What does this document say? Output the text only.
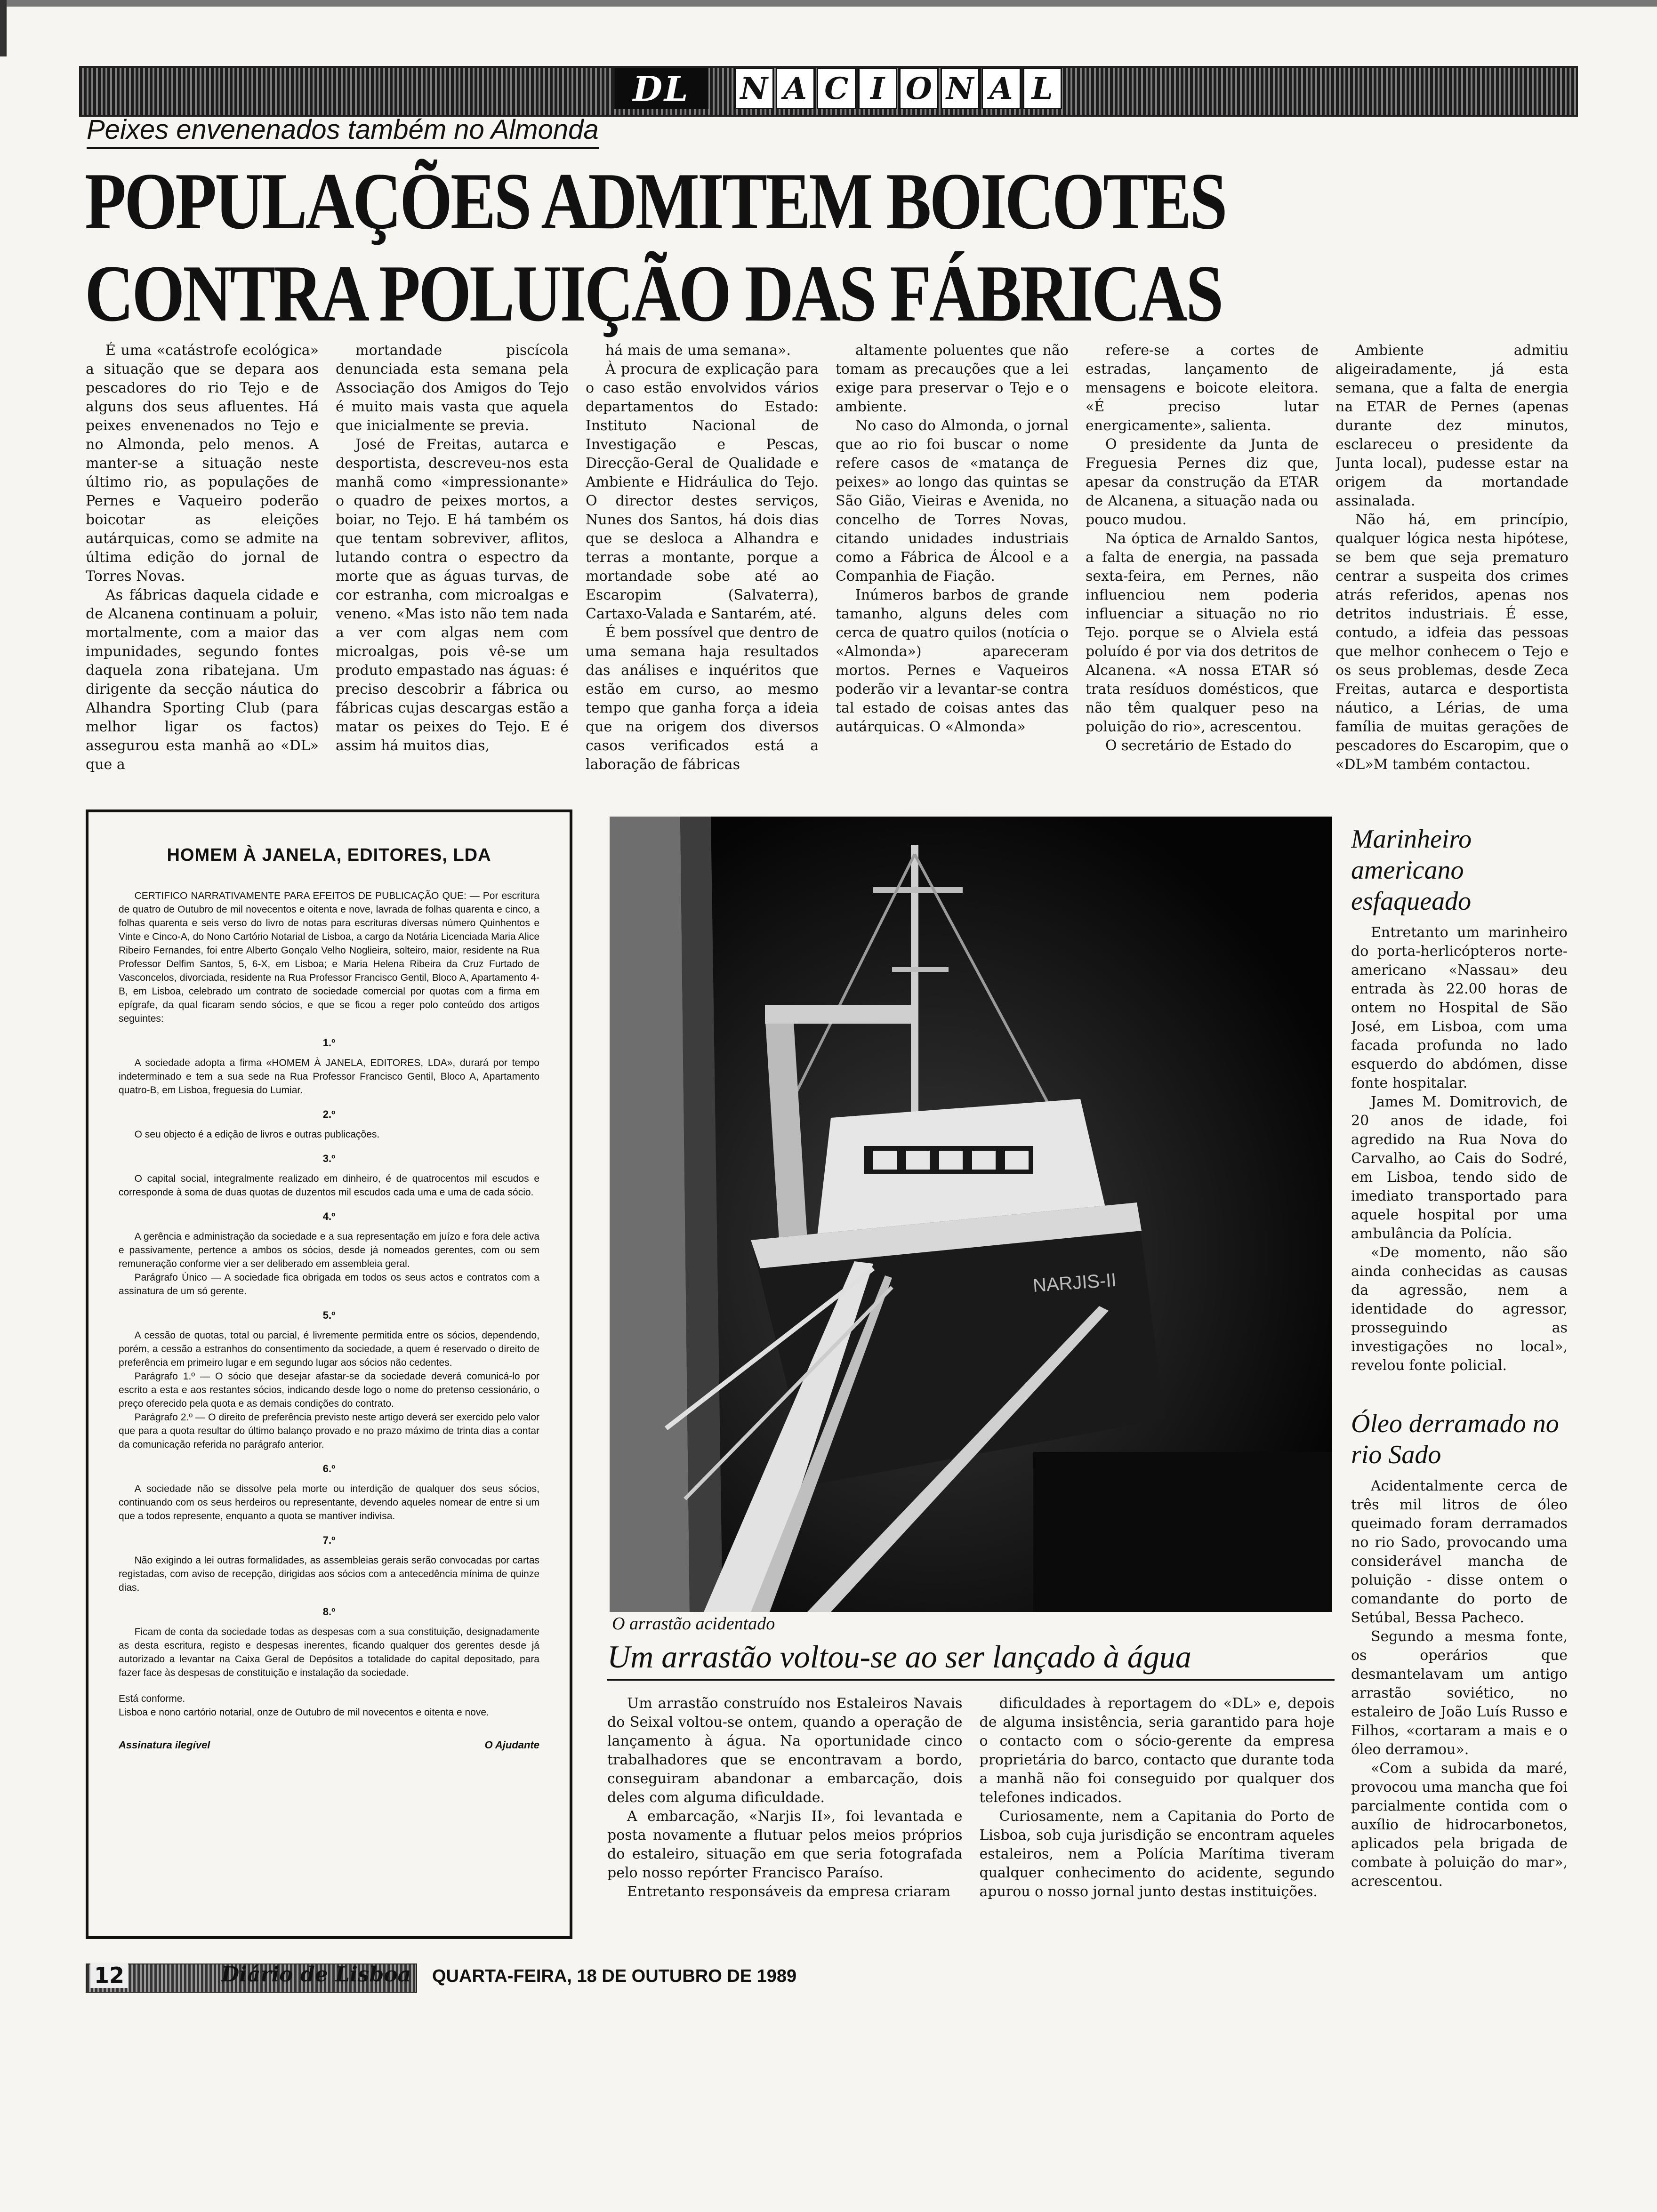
DL	N A C I O N A L
Peixes envenenados também no Almonda
POPULAÇÕES ADMITEM BOICOTES
CONTRA POLUIÇÃO DAS FÁBRICAS

É uma «catástrofe ecológica» a situação que se depara aos pescadores do rio Tejo e de alguns dos seus afluentes. Há peixes envenenados no Tejo e no Almonda, pelo menos. A manter-se a situação neste último rio, as populações de Pernes e Vaqueiro poderão boicotar as eleições autárquicas, como se admite na última edição do jornal de Torres Novas.

As fábricas daquela cidade e de Alcanena continuam a poluir, mortalmente, com a maior das impunidades, segundo fontes daquela zona ribatejana. Um dirigente da secção náutica do Alhandra Sporting Club (para melhor ligar os factos) assegurou esta manhã ao «DL» que a

mortandade piscícola denunciada esta semana pela Associação dos Amigos do Tejo é muito mais vasta que aquela que inicialmente se previa.

José de Freitas, autarca e desportista, descreveu-nos esta manhã como «impressionante» o quadro de peixes mortos, a boiar, no Tejo. E há também os que tentam sobreviver, aflitos, lutando contra o espectro da morte que as águas turvas, de cor estranha, com microalgas e veneno. «Mas isto não tem nada a ver com algas nem com microalgas, pois vê-se um produto empastado nas águas: é preciso descobrir a fábrica ou fábricas cujas descargas estão a matar os peixes do Tejo. E é assim há muitos dias,

há mais de uma semana».

À procura de explicação para o caso estão envolvidos vários departamentos do Estado: Instituto Nacional de Investigação e Pescas, Direcção-Geral de Qualidade e Ambiente e Hidráulica do Tejo. O director destes serviços, Nunes dos Santos, há dois dias que se desloca a Alhandra e terras a montante, porque a mortandade sobe até ao Escaropim (Salvaterra), Cartaxo-Valada e Santarém, até.

É bem possível que dentro de uma semana haja resultados das análises e inquéritos que estão em curso, ao mesmo tempo que ganha força a ideia que na origem dos diversos casos verificados está a laboração de fábricas

altamente poluentes que não tomam as precauções que a lei exige para preservar o Tejo e o ambiente.

No caso do Almonda, o jornal que ao rio foi buscar o nome refere casos de «matança de peixes» ao longo das quintas se São Gião, Vieiras e Avenida, no concelho de Torres Novas, citando unidades industriais como a Fábrica de Álcool e a Companhia de Fiação.

Inúmeros barbos de grande tamanho, alguns deles com cerca de quatro quilos (notícia o «Almonda») apareceram mortos. Pernes e Vaqueiros poderão vir a levantar-se contra tal estado de coisas antes das autárquicas. O «Almonda»

refere-se a cortes de estradas, lançamento de mensagens e boicote eleitora. «É preciso lutar energicamente», salienta.

O presidente da Junta de Freguesia Pernes diz que, apesar da construção da ETAR de Alcanena, a situação nada ou pouco mudou.

Na óptica de Arnaldo Santos, a falta de energia, na passada sexta-feira, em Pernes, não influenciou nem poderia influenciar a situação no rio Tejo. porque se o Alviela está poluído é por via dos detritos de Alcanena. «A nossa ETAR só trata resíduos domésticos, que não têm qualquer peso na poluição do rio», acrescentou.

O secretário de Estado do

Ambiente admitiu aligeiradamente, já esta semana, que a falta de energia na ETAR de Pernes (apenas durante dez minutos, esclareceu o presidente da Junta local), pudesse estar na origem da mortandade assinalada.

Não há, em princípio, qualquer lógica nesta hipótese, se bem que seja prematuro centrar a suspeita dos crimes atrás referidos, apenas nos detritos industriais. É esse, contudo, a idfeia das pessoas que melhor conhecem o Tejo e os seus problemas, desde Zeca Freitas, autarca e desportista náutico, a Lérias, de uma família de muitas gerações de pescadores do Escaropim, que o «DL»M também contactou.

HOMEM À JANELA, EDITORES, LDA

CERTIFICO NARRATIVAMENTE PARA EFEITOS DE PUBLICAÇÃO QUE: — Por escritura de quatro de Outubro de mil novecentos e oitenta e nove, lavrada de folhas quarenta e cinco, a folhas quarenta e seis verso do livro de notas para escrituras diversas número Quinhentos e Vinte e Cinco-A, do Nono Cartório Notarial de Lisboa, a cargo da Notária Licenciada Maria Alice Ribeiro Fernandes, foi entre Alberto Gonçalo Velho Noglieira, solteiro, maior, residente na Rua Professor Delfim Santos, 5, 6-X, em Lisboa; e Maria Helena Ribeira da Cruz Furtado de Vasconcelos, divorciada, residente na Rua Professor Francisco Gentil, Bloco A, Apartamento 4-B, em Lisboa, celebrado um contrato de sociedade comercial por quotas com a firma em epígrafe, da qual ficaram sendo sócios, e que se ficou a reger polo conteúdo dos artigos seguintes:

1.º

A sociedade adopta a firma «HOMEM À JANELA, EDITORES, LDA», durará por tempo indeterminado e tem a sua sede na Rua Professor Francisco Gentil, Bloco A, Apartamento quatro-B, em Lisboa, freguesia do Lumiar.

2.º

O seu objecto é a edição de livros e outras publicações.

3.º

O capital social, integralmente realizado em dinheiro, é de quatrocentos mil escudos e corresponde à soma de duas quotas de duzentos mil escudos cada uma e uma de cada sócio.

4.º

A gerência e administração da sociedade e a sua representação em juízo e fora dele activa e passivamente, pertence a ambos os sócios, desde já nomeados gerentes, com ou sem remuneração conforme vier a ser deliberado em assembleia geral.

Parágrafo Único — A sociedade fica obrigada em todos os seus actos e contratos com a assinatura de um só gerente.

5.º

A cessão de quotas, total ou parcial, é livremente permitida entre os sócios, dependendo, porém, a cessão a estranhos do consentimento da sociedade, a quem é reservado o direito de preferência em primeiro lugar e em segundo lugar aos sócios não cedentes.

Parágrafo 1.º — O sócio que desejar afastar-se da sociedade deverá comunicá-lo por escrito a esta e aos restantes sócios, indicando desde logo o nome do pretenso cessionário, o preço oferecido pela quota e as demais condições do contrato.

Parágrafo 2.º — O direito de preferência previsto neste artigo deverá ser exercido pelo valor que para a quota resultar do último balanço provado e no prazo máximo de trinta dias a contar da comunicação referida no parágrafo anterior.

6.º

A sociedade não se dissolve pela morte ou interdição de qualquer dos seus sócios, continuando com os seus herdeiros ou representante, devendo aqueles nomear de entre si um que a todos represente, enquanto a quota se mantiver indivisa.

7.º

Não exigindo a lei outras formalidades, as assembleias gerais serão convocadas por cartas registadas, com aviso de recepção, dirigidas aos sócios com a antecedência mínima de quinze dias.

8.º

Ficam de conta da sociedade todas as despesas com a sua constituição, designadamente as desta escritura, registo e despesas inerentes, ficando qualquer dos gerentes desde já autorizado a levantar na Caixa Geral de Depósitos a totalidade do capital depositado, para fazer face às despesas de constituição e instalação da sociedade.

Está conforme.

Lisboa e nono cartório notarial, onze de Outubro de mil novecentos e oitenta e nove.

Assinatura ilegível	O Ajudante
NARJIS-II
O arrastão acidentado
Um arrastão voltou-se ao ser lançado à água

Um arrastão construído nos Estaleiros Navais do Seixal voltou-se ontem, quando a operação de lançamento à água. Na oportunidade cinco trabalhadores que se encontravam a bordo, conseguiram abandonar a embarcação, dois deles com alguma dificuldade.

A embarcação, «Narjis II», foi levantada e posta novamente a flutuar pelos meios próprios do estaleiro, situação em que seria fotografada pelo nosso repórter Francisco Paraíso.

Entretanto responsáveis da empresa criaram

dificuldades à reportagem do «DL» e, depois de alguma insistência, seria garantido para hoje o contacto com o sócio-gerente da empresa proprietária do barco, contacto que durante toda a manhã não foi conseguido por qualquer dos telefones indicados.

Curiosamente, nem a Capitania do Porto de Lisboa, sob cuja jurisdição se encontram aqueles estaleiros, nem a Polícia Marítima tiveram qualquer conhecimento do acidente, segundo apurou o nosso jornal junto destas instituições.

Marinheiro americano esfaqueado

Entretanto um marinheiro do porta-herlicópteros norte-americano «Nassau» deu entrada às 22.00 horas de ontem no Hospital de São José, em Lisboa, com uma facada profunda no lado esquerdo do abdómen, disse fonte hospitalar.

James M. Domitrovich, de 20 anos de idade, foi agredido na Rua Nova do Carvalho, ao Cais do Sodré, em Lisboa, tendo sido de imediato transportado para aquele hospital por uma ambulância da Polícia.

«De momento, não são ainda conhecidas as causas da agressão, nem a identidade do agressor, prosseguindo as investigações no local», revelou fonte policial.

Óleo derramado no rio Sado

Acidentalmente cerca de três mil litros de óleo queimado foram derramados no rio Sado, provocando uma considerável mancha de poluição - disse ontem o comandante do porto de Setúbal, Bessa Pacheco.

Segundo a mesma fonte, os operários que desmantelavam um antigo arrastão soviético, no estaleiro de João Luís Russo e Filhos, «cortaram a mais e o óleo derramou».

«Com a subida da maré, provocou uma mancha que foi parcialmente contida com o auxílio de hidrocarbonetos, aplicados pela brigada de combate à poluição do mar», acrescentou.

12	Diário de Lisboa QUARTA-FEIRA, 18 DE OUTUBRO DE 1989
